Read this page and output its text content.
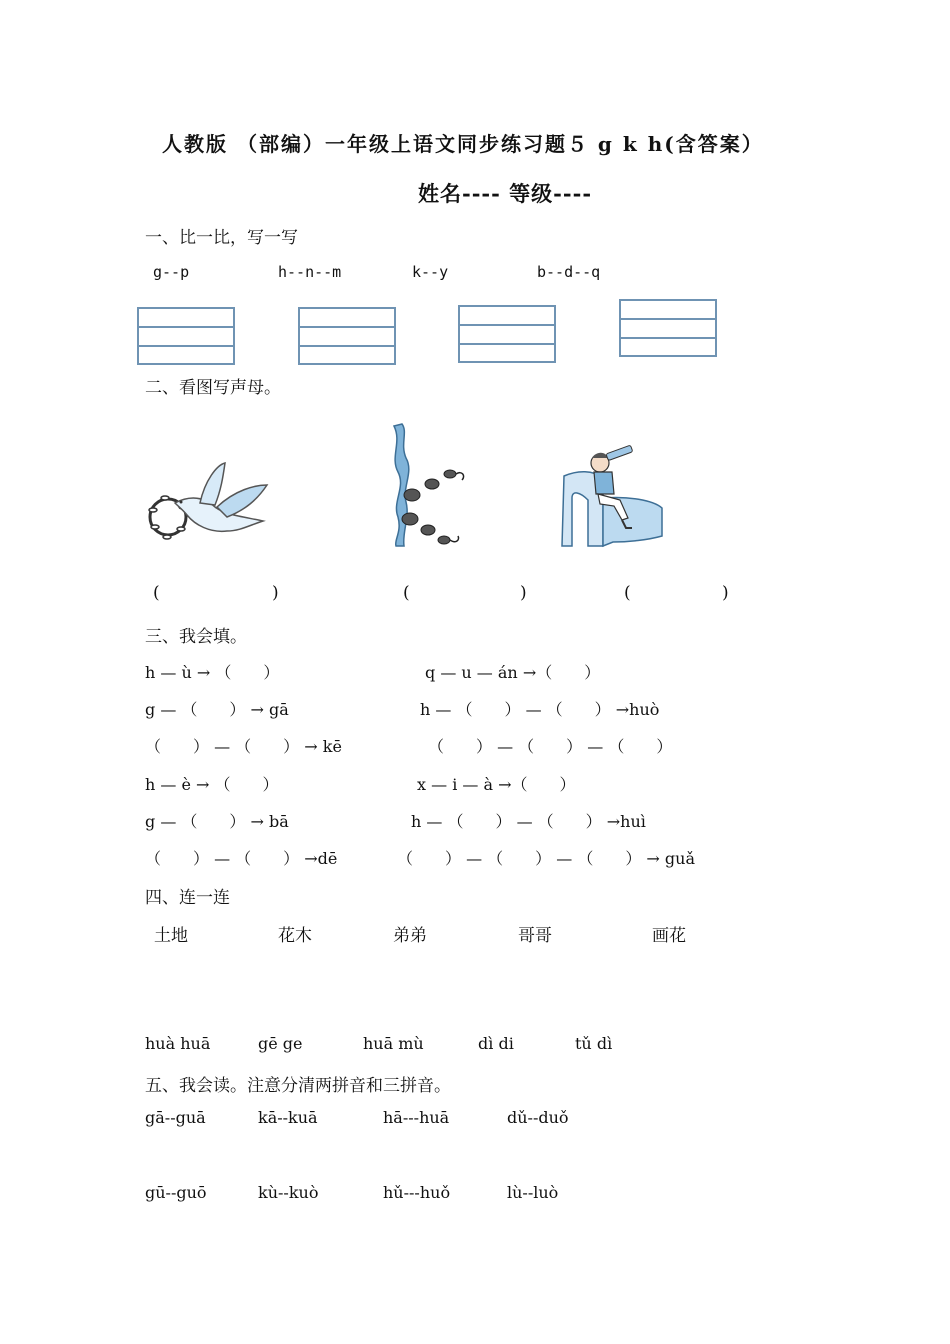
人教版 （部编）一年级上语文同步练习题５ g k h(含答案）
姓名---- 等级----
一、比一比，写一写
g--p	h--n--m	k--y	b--d--q
二、看图写声母。
(	)	(	)	(	)
三、我会填。
h — ù → （　　）	q — u — án →（　　）
g — （　　） → gā	h — （　　） — （　　） →huò
（　　） — （　　） → kē	（　　） — （　　） — （　　）
h — è → （　　）	x — i — à →（　　）
g — （　　） → bā	h — （　　） — （　　） →huì
（　　） — （　　） →dē	（　　） — （　　） — （　　） → guǎ
四、连一连
土地	花木	弟弟	哥哥	画花
huà huā	gē ge	huā mù	dì di	tǔ dì
五、我会读。注意分清两拼音和三拼音。
gā--guā	kā--kuā	hā---huā	dǔ--duǒ
gū--guō	kù--kuò	hǔ---huǒ	lù--luò
